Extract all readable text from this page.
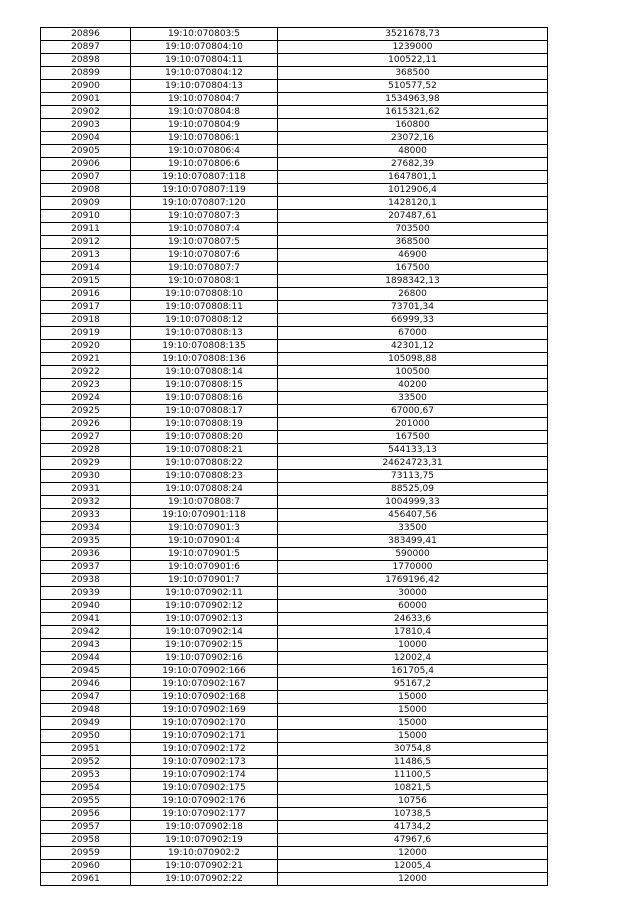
20896	19:10:070803:5	3521678,73
20897	19:10:070804:10	1239000
20898	19:10:070804:11	100522,11
20899	19:10:070804:12	368500
20900	19:10:070804:13	510577,52
20901	19:10:070804:7	1534963,98
20902	19:10:070804:8	1615321,62
20903	19:10:070804:9	160800
20904	19:10:070806:1	23072,16
20905	19:10:070806:4	48000
20906	19:10:070806:6	27682,39
20907	19:10:070807:118	1647801,1
20908	19:10:070807:119	1012906,4
20909	19:10:070807:120	1428120,1
20910	19:10:070807:3	207487,61
20911	19:10:070807:4	703500
20912	19:10:070807:5	368500
20913	19:10:070807:6	46900
20914	19:10:070807:7	167500
20915	19:10:070808:1	1898342,13
20916	19:10:070808:10	26800
20917	19:10:070808:11	73701,34
20918	19:10:070808:12	66999,33
20919	19:10:070808:13	67000
20920	19:10:070808:135	42301,12
20921	19:10:070808:136	105098,88
20922	19:10:070808:14	100500
20923	19:10:070808:15	40200
20924	19:10:070808:16	33500
20925	19:10:070808:17	67000,67
20926	19:10:070808:19	201000
20927	19:10:070808:20	167500
20928	19:10:070808:21	544133,13
20929	19:10:070808:22	24624723,31
20930	19:10:070808:23	73113,75
20931	19:10:070808:24	88525,09
20932	19:10:070808:7	1004999,33
20933	19:10:070901:118	456407,56
20934	19:10:070901:3	33500
20935	19:10:070901:4	383499,41
20936	19:10:070901:5	590000
20937	19:10:070901:6	1770000
20938	19:10:070901:7	1769196,42
20939	19:10:070902:11	30000
20940	19:10:070902:12	60000
20941	19:10:070902:13	24633,6
20942	19:10:070902:14	17810,4
20943	19:10:070902:15	10000
20944	19:10:070902:16	12002,4
20945	19:10:070902:166	161705,4
20946	19:10:070902:167	95167,2
20947	19:10:070902:168	15000
20948	19:10:070902:169	15000
20949	19:10:070902:170	15000
20950	19:10:070902:171	15000
20951	19:10:070902:172	30754,8
20952	19:10:070902:173	11486,5
20953	19:10:070902:174	11100,5
20954	19:10:070902:175	10821,5
20955	19:10:070902:176	10756
20956	19:10:070902:177	10738,5
20957	19:10:070902:18	41734,2
20958	19:10:070902:19	47967,6
20959	19:10:070902:2	12000
20960	19:10:070902:21	12005,4
20961	19:10:070902:22	12000
